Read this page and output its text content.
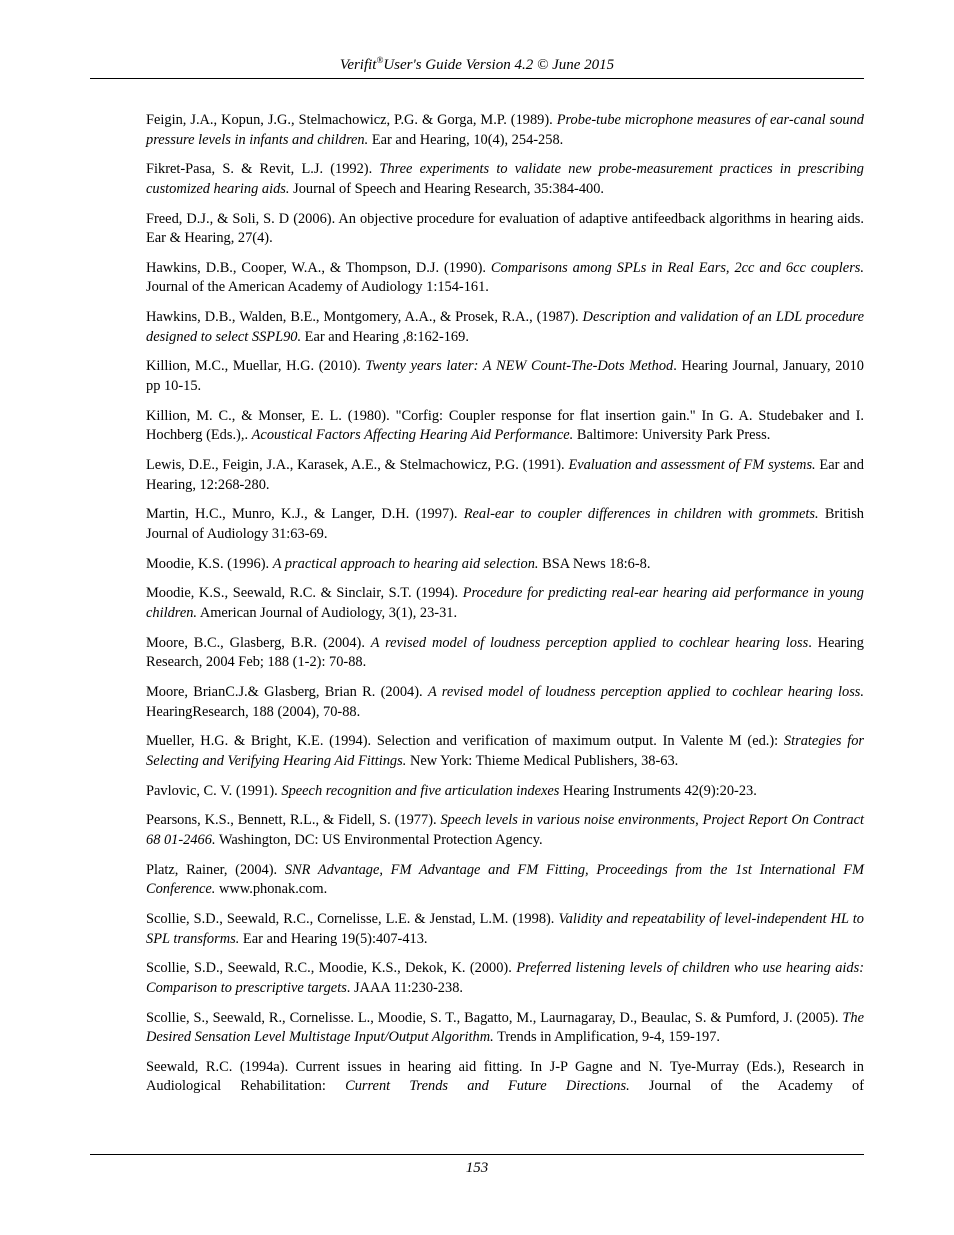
Verifit®User's Guide Version 4.2 © June 2015

Feigin, J.A., Kopun, J.G., Stelmachowicz, P.G. & Gorga, M.P. (1989). Probe-tube microphone measures of ear-canal sound pressure levels in infants and children. Ear and Hearing, 10(4), 254-258.

Fikret-Pasa, S. & Revit, L.J. (1992). Three experiments to validate new probe-measurement practices in prescribing customized hearing aids. Journal of Speech and Hearing Research, 35:384-400.

Freed, D.J., & Soli, S. D (2006). An objective procedure for evaluation of adaptive antifeedback algorithms in hearing aids. Ear & Hearing, 27(4).

Hawkins, D.B., Cooper, W.A., & Thompson, D.J. (1990). Comparisons among SPLs in Real Ears, 2cc and 6cc couplers. Journal of the American Academy of Audiology 1:154-161.

Hawkins, D.B., Walden, B.E., Montgomery, A.A., & Prosek, R.A., (1987). Description and validation of an LDL procedure designed to select SSPL90. Ear and Hearing ,8:162-169.

Killion, M.C., Muellar, H.G. (2010). Twenty years later: A NEW Count-The-Dots Method. Hearing Journal, January, 2010 pp 10-15.

Killion, M. C., & Monser, E. L. (1980). "Corfig: Coupler response for flat insertion gain." In G. A. Studebaker and I. Hochberg (Eds.),. Acoustical Factors Affecting Hearing Aid Performance. Baltimore: University Park Press.

Lewis, D.E., Feigin, J.A., Karasek, A.E., & Stelmachowicz, P.G. (1991). Evaluation and assessment of FM systems. Ear and Hearing, 12:268-280.

Martin, H.C., Munro, K.J., & Langer, D.H. (1997). Real-ear to coupler differences in children with grommets. British Journal of Audiology 31:63-69.

Moodie, K.S. (1996). A practical approach to hearing aid selection. BSA News 18:6-8.

Moodie, K.S., Seewald, R.C. & Sinclair, S.T. (1994). Procedure for predicting real-ear hearing aid performance in young children. American Journal of Audiology, 3(1), 23-31.

Moore, B.C., Glasberg, B.R. (2004). A revised model of loudness perception applied to cochlear hearing loss. Hearing Research, 2004 Feb; 188 (1-2): 70-88.

Moore, BrianC.J.& Glasberg, Brian R. (2004). A revised model of loudness perception applied to cochlear hearing loss. HearingResearch, 188 (2004), 70-88.

Mueller, H.G. & Bright, K.E. (1994). Selection and verification of maximum output. In Valente M (ed.): Strategies for Selecting and Verifying Hearing Aid Fittings. New York: Thieme Medical Publishers, 38-63.

Pavlovic, C. V. (1991). Speech recognition and five articulation indexes Hearing Instruments 42(9):20-23.

Pearsons, K.S., Bennett, R.L., & Fidell, S. (1977). Speech levels in various noise environments, Project Report On Contract 68 01-2466. Washington, DC: US Environmental Protection Agency.

Platz, Rainer, (2004). SNR Advantage, FM Advantage and FM Fitting, Proceedings from the 1st International FM Conference. www.phonak.com.

Scollie, S.D., Seewald, R.C., Cornelisse, L.E. & Jenstad, L.M. (1998). Validity and repeatability of level-independent HL to SPL transforms. Ear and Hearing 19(5):407-413.

Scollie, S.D., Seewald, R.C., Moodie, K.S., Dekok, K. (2000). Preferred listening levels of children who use hearing aids: Comparison to prescriptive targets. JAAA 11:230-238.

Scollie, S., Seewald, R., Cornelisse. L., Moodie, S. T., Bagatto, M., Laurnagaray, D., Beaulac, S. & Pumford, J. (2005). The Desired Sensation Level Multistage Input/Output Algorithm. Trends in Amplification, 9-4, 159-197.

Seewald, R.C. (1994a). Current issues in hearing aid fitting. In J-P Gagne and N. Tye-Murray (Eds.), Research in Audiological Rehabilitation: Current Trends and Future Directions. Journal of the Academy of

153
